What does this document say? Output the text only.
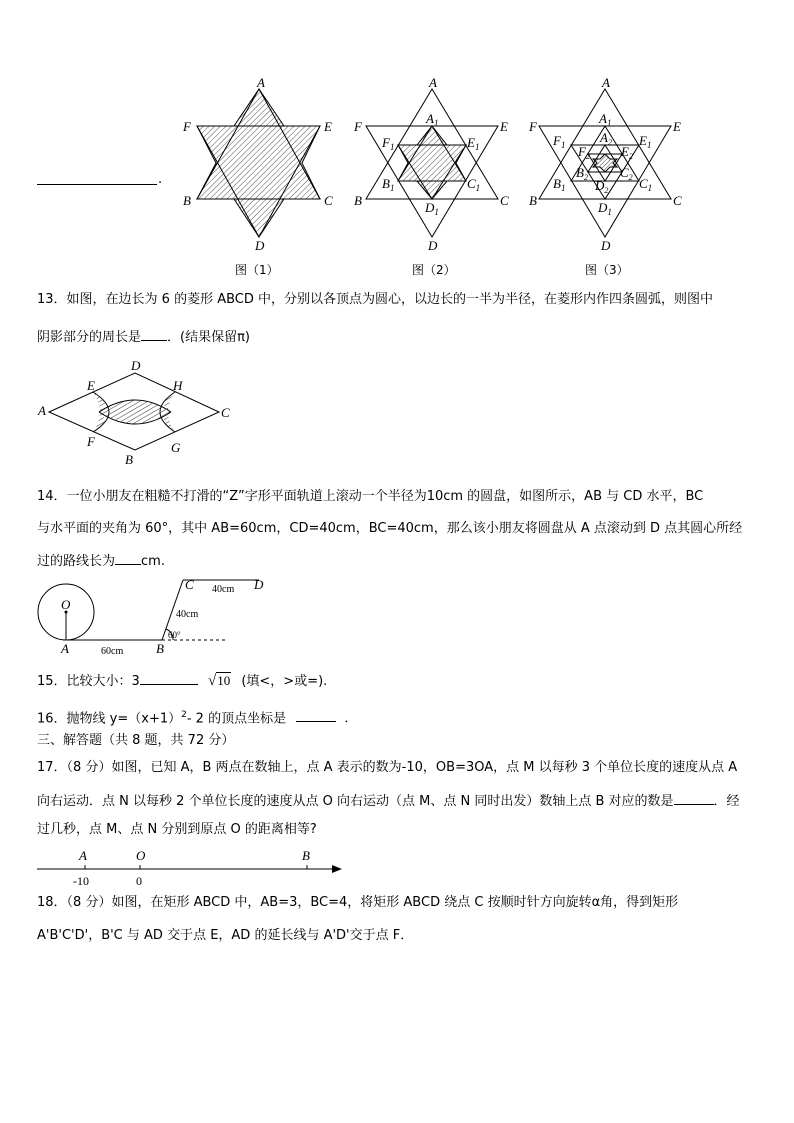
.
A
F	E
B	C
D
图（1）
A
$A_1$
F	E
$F_1$	$E_1$
$B_1$	$C_1$
B	C
$D_1$
D
图（2）
A
$A_1$
$A_2$
F	E
$F_1$	$E_1$
$F_2$ $E_2$
$B_2$ $C_2$
$B_1$	$C_1$
$D_2$
B	C
$D_1$
D
图（3）
13．如图，在边长为 6 的菱形 ABCD 中，分别以各顶点为圆心，以边长的一半为半径，在菱形内作四条圆弧，则图中
阴影部分的周长是 ．(结果保留π)
A
D
C
B
E	H
F	G
14．一位小朋友在粗糙不打滑的“Z”字形平面轨道上滚动一个半径为10cm 的圆盘，如图所示，AB 与 CD 水平，BC
与水平面的夹角为 60°，其中 AB=60cm，CD=40cm，BC=40cm，那么该小朋友将圆盘从 A 点滚动到 D 点其圆心所经
过的路线长为 cm.
O
A	B
C	D
60cm
40cm
40cm
60°
15．比较大小：3	√10 (填<，>或=).
16．抛物线 $y=(x+1)^2-$ 2 的顶点坐标是	．
三、解答题（共 8 题，共 72 分）
17．（8 分）如图，已知 A，B 两点在数轴上，点 A 表示的数为-10，OB=3OA，点 M 以每秒 3 个单位长度的速度从点 A
向右运动．点 N 以每秒 2 个单位长度的速度从点 O 向右运动（点 M、点 N 同时出发）数轴上点 B 对应的数是	．经
过几秒，点 M、点 N 分别到原点 O 的距离相等?
A	O	B
-10	0
18．（8 分）如图，在矩形 ABCD 中，AB=3，BC=4，将矩形 ABCD 绕点 C 按顺时针方向旋转α角，得到矩形
A'B'C'D'，B'C 与 AD 交于点 E，AD 的延长线与 A'D'交于点 F．
